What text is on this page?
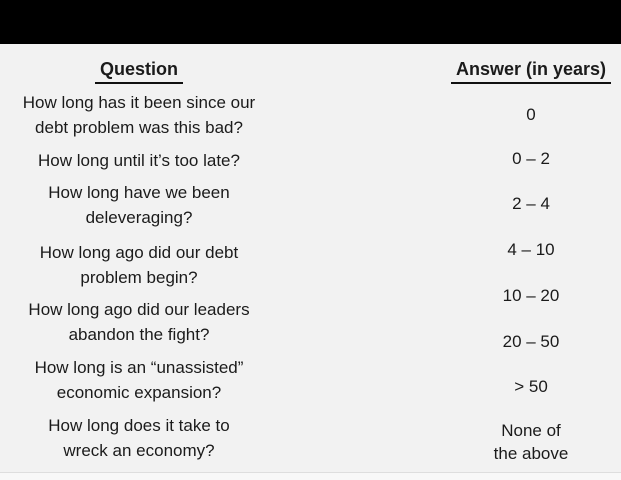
Question	Answer (in years)
How long has it been since our
debt problem was this bad?
How long until it’s too late?
How long have we been
deleveraging?
How long ago did our debt
problem begin?
How long ago did our leaders
abandon the fight?
How long is an “unassisted”
economic expansion?
How long does it take to
wreck an economy?
0
0 – 2
2 – 4
4 – 10
10 – 20
20 – 50
> 50
None of
the above
